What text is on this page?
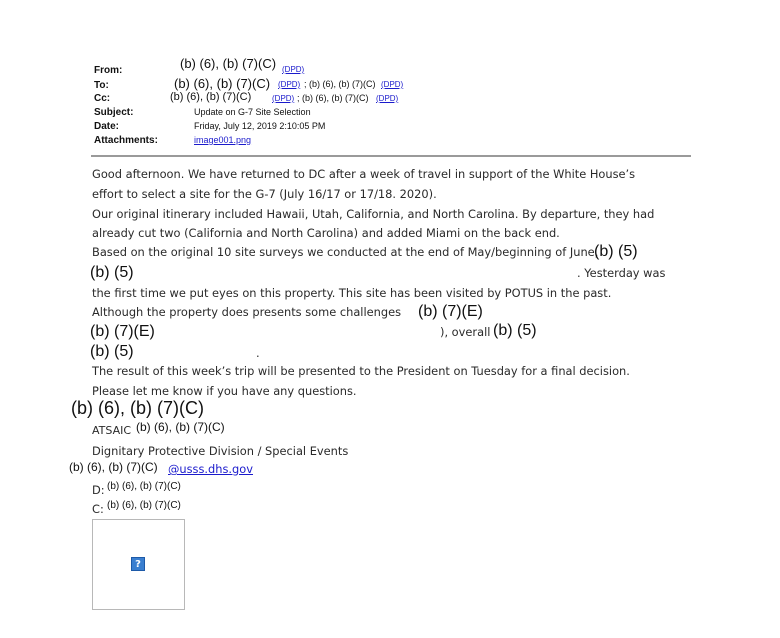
From:	(b) (6), (b) (7)(C) (DPD)
To:	(b) (6), (b) (7)(C) (DPD) ; (b) (6), (b) (7)(C) (DPD)
Cc:	(b) (6), (b) (7)(C)	(DPD) ; (b) (6), (b) (7)(C) (DPD)
Subject:	Update on G-7 Site Selection
Date:	Friday, July 12, 2019 2:10:05 PM
Attachments:	image001.png
Good afternoon. We have returned to DC after a week of travel in support of the White House’s
effort to select a site for the G-7 (July 16/17 or 17/18. 2020).
Our original itinerary included Hawaii, Utah, California, and North Carolina. By departure, they had
already cut two (California and North Carolina) and added Miami on the back end.
Based on the original 10 site surveys we conducted at the end of May/beginning of June,
(b) (5)
(b) (5)	. Yesterday was
the first time we put eyes on this property. This site has been visited by POTUS in the past.
Although the property does presents some challenges (b) (7)(E)
(b) (7)(E)	), overall (b) (5)
(b) (5)	.
The result of this week’s trip will be presented to the President on Tuesday for a final decision.
Please let me know if you have any questions.
(b) (6), (b) (7)(C)
ATSAIC (b) (6), (b) (7)(C)
Dignitary Protective Division / Special Events
(b) (6), (b) (7)(C) @usss.dhs.gov
D: (b) (6), (b) (7)(C)
C: (b) (6), (b) (7)(C)
?
